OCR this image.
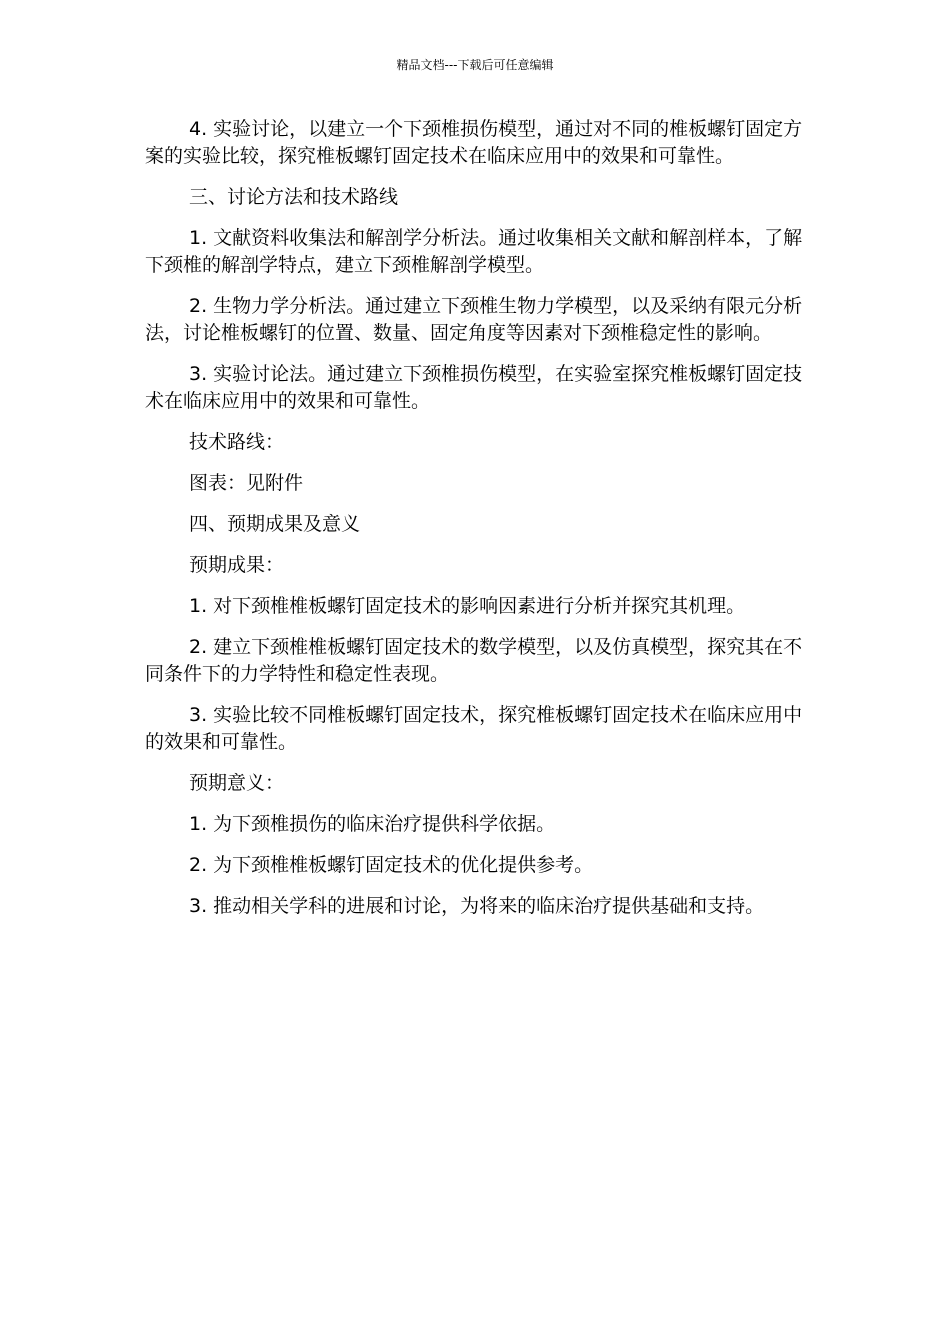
精品文档---下载后可任意编辑

4. 实验讨论，以建立一个下颈椎损伤模型，通过对不同的椎板螺钉固定方案的实验比较，探究椎板螺钉固定技术在临床应用中的效果和可靠性。

三、讨论方法和技术路线

1. 文献资料收集法和解剖学分析法。通过收集相关文献和解剖样本，了解下颈椎的解剖学特点，建立下颈椎解剖学模型。

2. 生物力学分析法。通过建立下颈椎生物力学模型，以及采纳有限元分析法，讨论椎板螺钉的位置、数量、固定角度等因素对下颈椎稳定性的影响。

3. 实验讨论法。通过建立下颈椎损伤模型，在实验室探究椎板螺钉固定技术在临床应用中的效果和可靠性。

技术路线：

图表：见附件

四、预期成果及意义

预期成果：

1. 对下颈椎椎板螺钉固定技术的影响因素进行分析并探究其机理。

2. 建立下颈椎椎板螺钉固定技术的数学模型，以及仿真模型，探究其在不同条件下的力学特性和稳定性表现。

3. 实验比较不同椎板螺钉固定技术，探究椎板螺钉固定技术在临床应用中的效果和可靠性。

预期意义：

1. 为下颈椎损伤的临床治疗提供科学依据。

2. 为下颈椎椎板螺钉固定技术的优化提供参考。

3. 推动相关学科的进展和讨论，为将来的临床治疗提供基础和支持。
